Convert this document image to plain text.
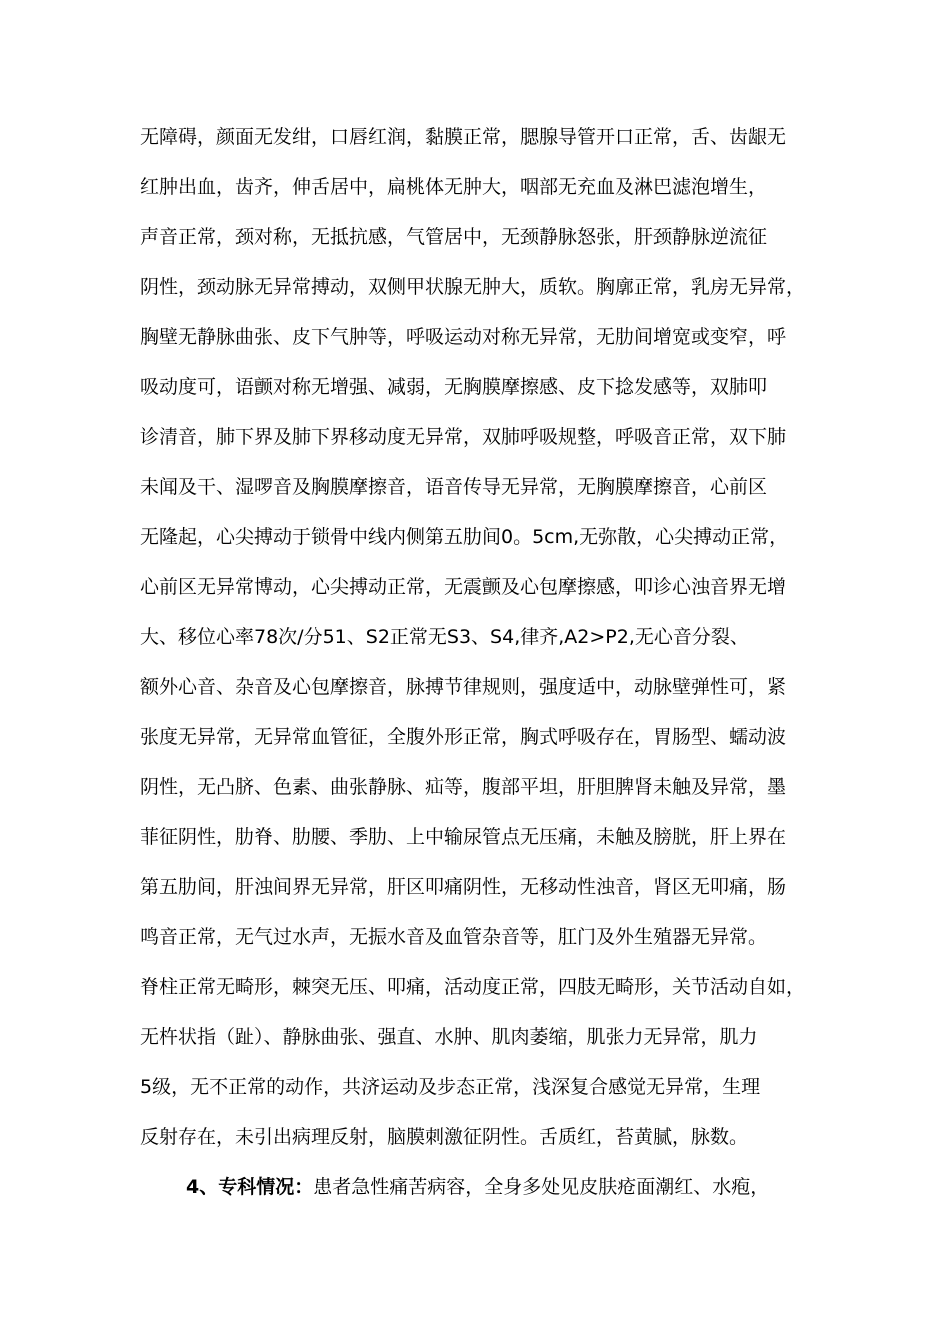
无障碍，颜面无发绀，口唇红润，黏膜正常，腮腺导管开口正常，舌、齿龈无
红肿出血，齿齐，伸舌居中，扁桃体无肿大，咽部无充血及淋巴滤泡增生，
声音正常，颈对称，无抵抗感，气管居中，无颈静脉怒张，肝颈静脉逆流征
阴性，颈动脉无异常搏动，双侧甲状腺无肿大，质软。胸廓正常，乳房无异常，
胸壁无静脉曲张、皮下气肿等，呼吸运动对称无异常，无肋间增宽或变窄，呼
吸动度可，语颤对称无增强、减弱，无胸膜摩擦感、皮下捻发感等，双肺叩
诊清音，肺下界及肺下界移动度无异常，双肺呼吸规整，呼吸音正常，双下肺
未闻及干、湿啰音及胸膜摩擦音，语音传导无异常，无胸膜摩擦音，心前区
无隆起，心尖搏动于锁骨中线内侧第五肋间0。5cm,无弥散，心尖搏动正常，
心前区无异常博动，心尖搏动正常，无震颤及心包摩擦感，叩诊心浊音界无增
大、移位心率78次/分51、S2正常无S3、S4,律齐,A2>P2,无心音分裂、
额外心音、杂音及心包摩擦音，脉搏节律规则，强度适中，动脉壁弹性可，紧
张度无异常，无异常血管征，全腹外形正常，胸式呼吸存在，胃肠型、蠕动波
阴性，无凸脐、色素、曲张静脉、疝等，腹部平坦，肝胆脾肾未触及异常，墨
菲征阴性，肋脊、肋腰、季肋、上中输尿管点无压痛，未触及膀胱，肝上界在
第五肋间，肝浊间界无异常，肝区叩痛阴性，无移动性浊音，肾区无叩痛，肠
鸣音正常，无气过水声，无振水音及血管杂音等，肛门及外生殖器无异常。
脊柱正常无畸形，棘突无压、叩痛，活动度正常，四肢无畸形，关节活动自如，
无杵状指（趾）、静脉曲张、强直、水肿、肌肉萎缩，肌张力无异常，肌力
5级，无不正常的动作，共济运动及步态正常，浅深复合感觉无异常，生理
反射存在，未引出病理反射，脑膜刺激征阴性。舌质红，苔黄腻，脉数。
4、专科情况：患者急性痛苦病容，全身多处见皮肤疮面潮红、水疱，
